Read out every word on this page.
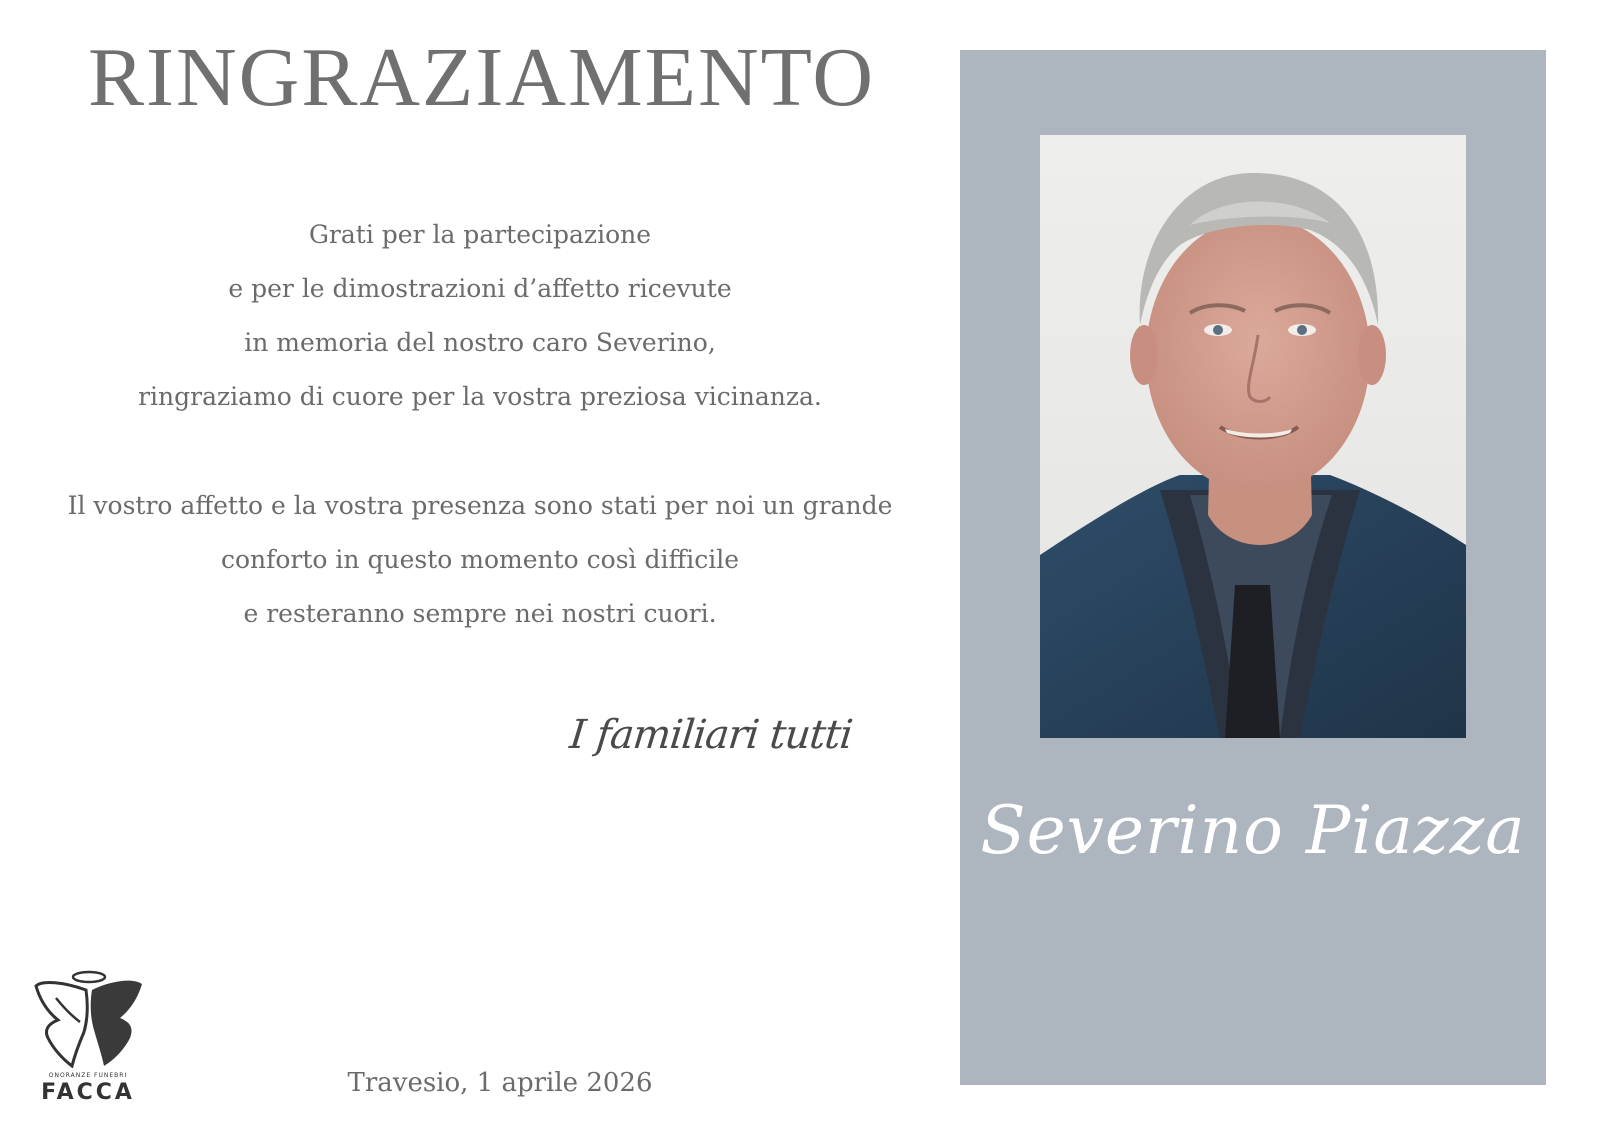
RINGRAZIAMENTO
Grati per la partecipazione
e per le dimostrazioni d’affetto ricevute
in memoria del nostro caro Severino,
ringraziamo di cuore per la vostra preziosa vicinanza.
Il vostro affetto e la vostra presenza sono stati per noi un grande
conforto in questo momento così difficile
e resteranno sempre nei nostri cuori.
I familiari tutti
ONORANZE FUNEBRI
FACCA	Travesio, 1 aprile 2026
Severino Piazza
